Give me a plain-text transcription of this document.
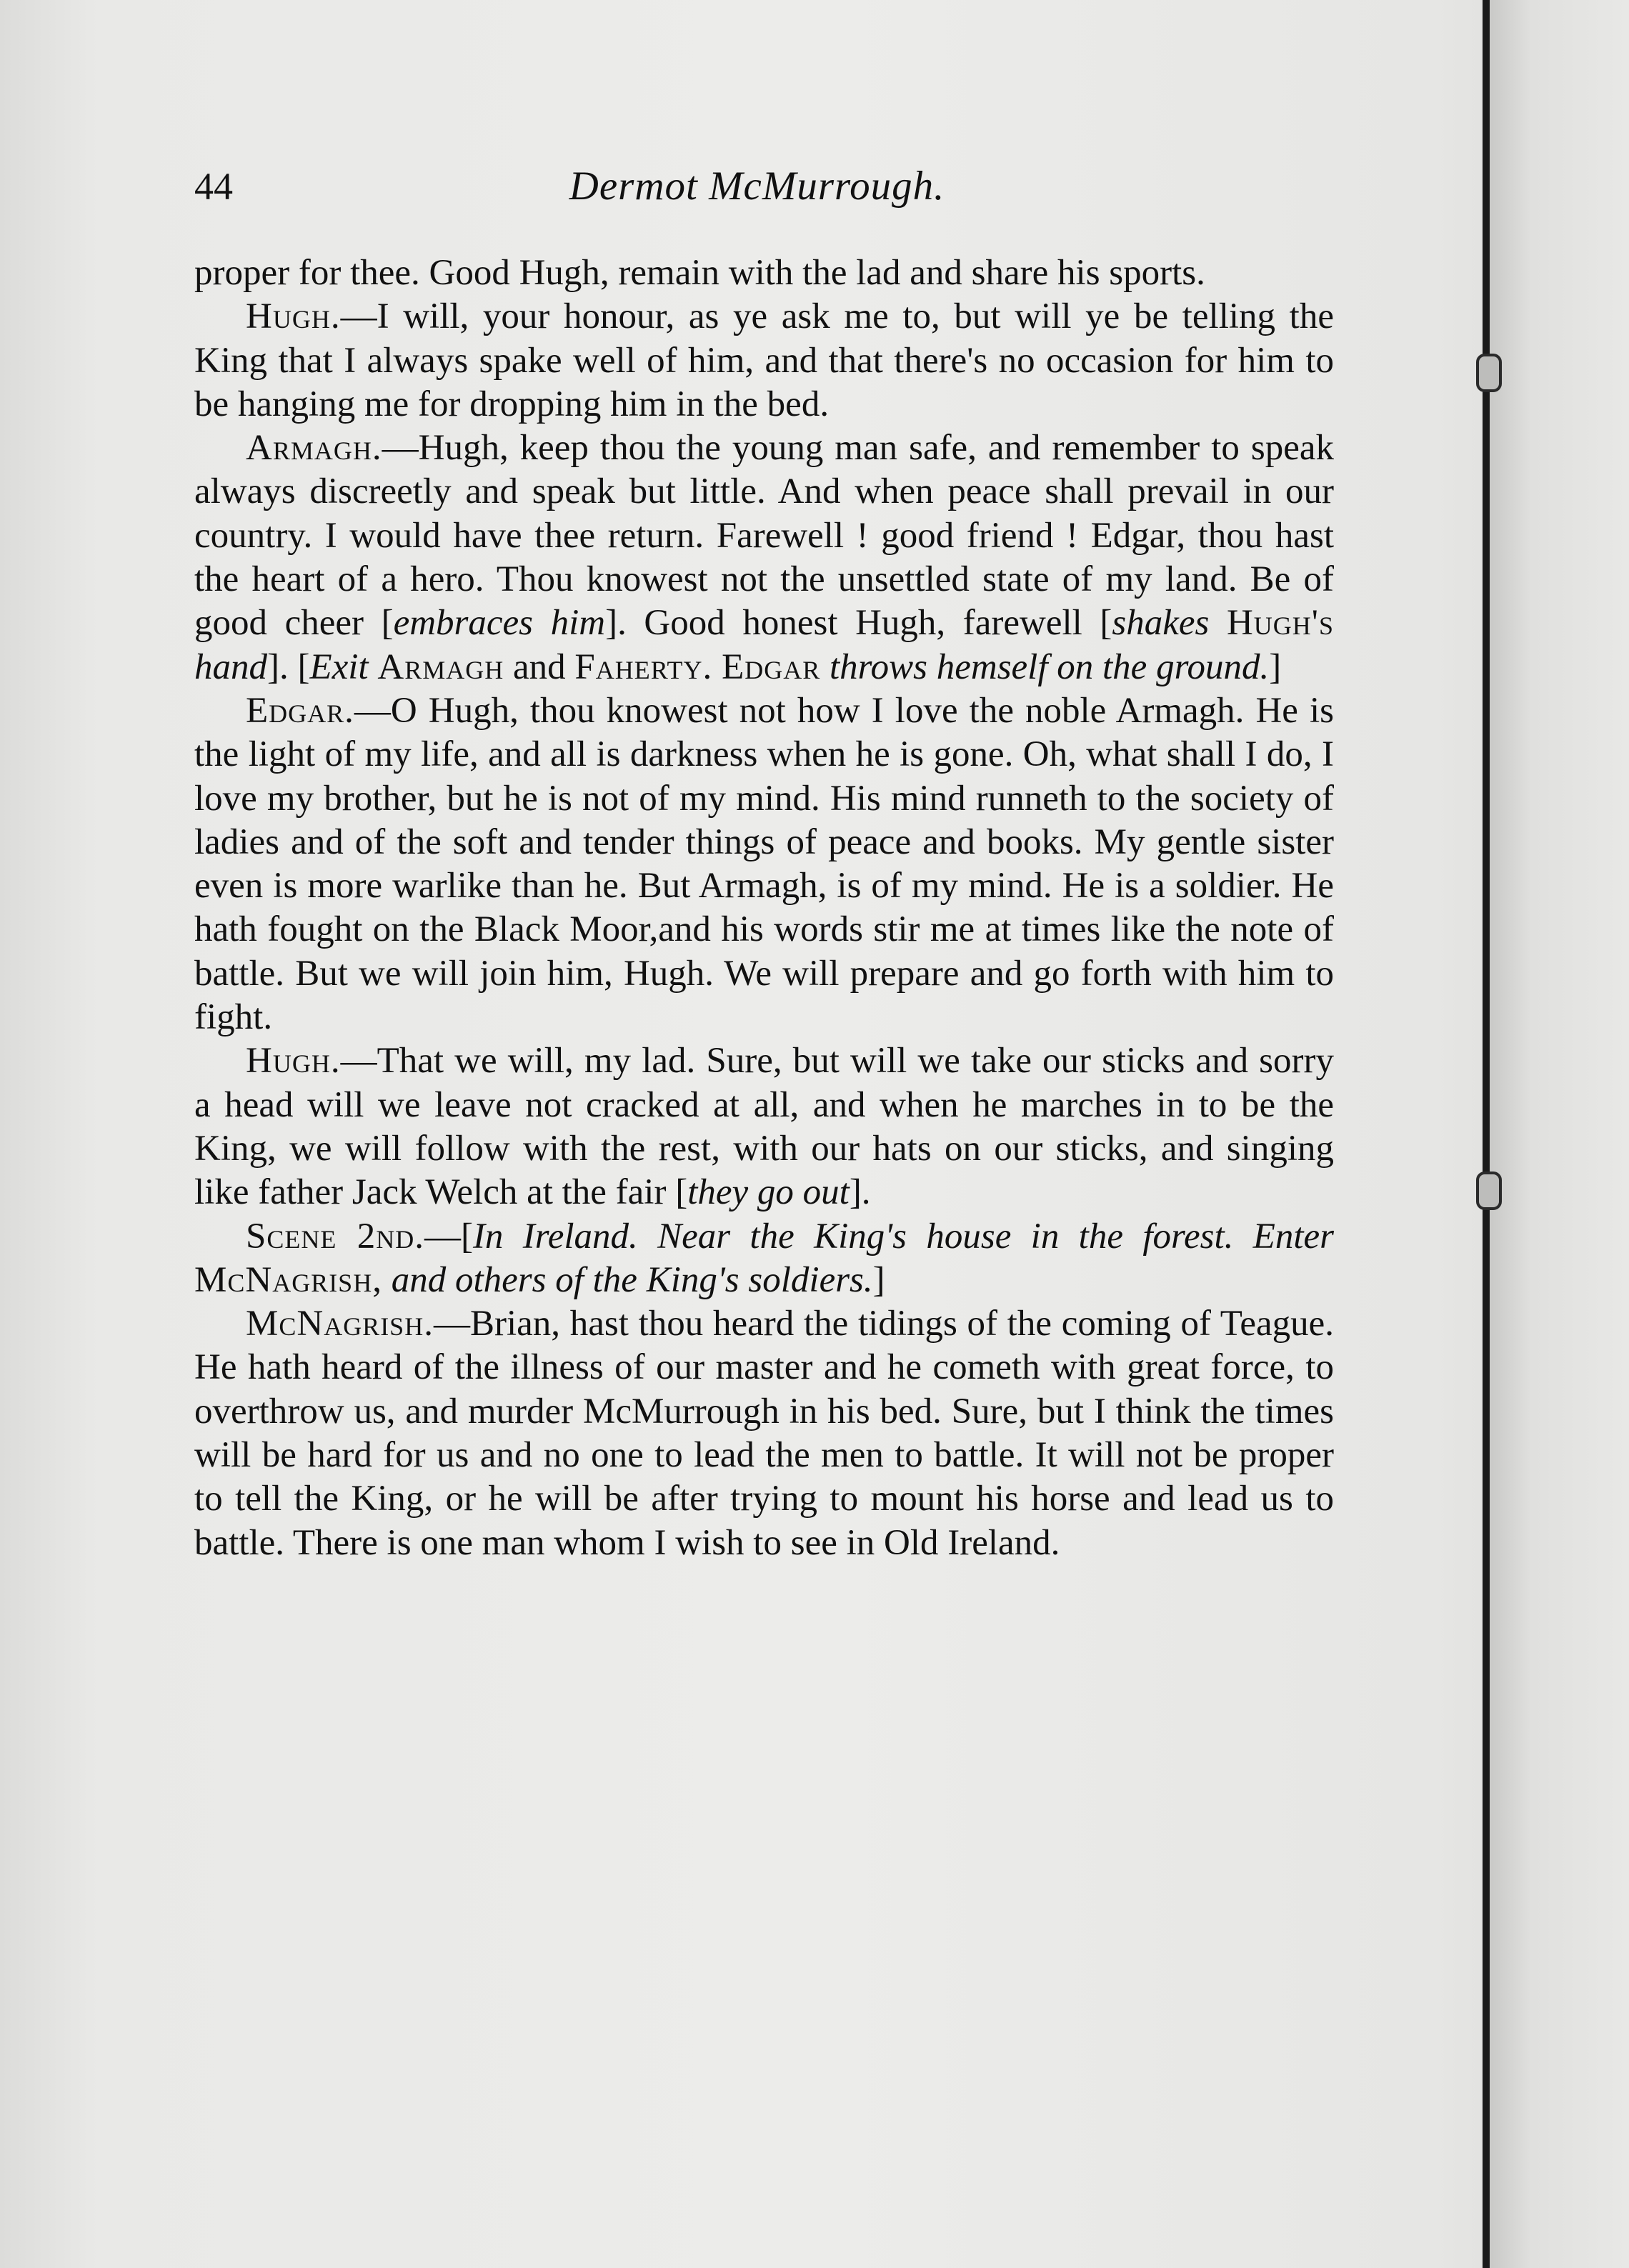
44	Dermot McMurrough.

proper for thee. Good Hugh, remain with the lad and share his sports.

Hugh.—I will, your honour, as ye ask me to, but will ye be telling the King that I always spake well of him, and that there's no occasion for him to be hanging me for dropping him in the bed.

Armagh.—Hugh, keep thou the young man safe, and remember to speak always discreetly and speak but little. And when peace shall prevail in our country. I would have thee return. Farewell ! good friend ! Edgar, thou hast the heart of a hero. Thou knowest not the unsettled state of my land. Be of good cheer [embraces him]. Good honest Hugh, farewell [shakes Hugh's hand]. [Exit Armagh and Faherty. Edgar throws hemself on the ground.]

Edgar.—O Hugh, thou knowest not how I love the noble Armagh. He is the light of my life, and all is darkness when he is gone. Oh, what shall I do, I love my brother, but he is not of my mind. His mind runneth to the society of ladies and of the soft and tender things of peace and books. My gentle sister even is more warlike than he. But Armagh, is of my mind. He is a soldier. He hath fought on the Black Moor,and his words stir me at times like the note of battle. But we will join him, Hugh. We will prepare and go forth with him to fight.

Hugh.—That we will, my lad. Sure, but will we take our sticks and sorry a head will we leave not cracked at all, and when he marches in to be the King, we will follow with the rest, with our hats on our sticks, and singing like father Jack Welch at the fair [they go out].

Scene 2nd.—[In Ireland. Near the King's house in the forest. Enter McNagrish, and others of the King's soldiers.]

McNagrish.—Brian, hast thou heard the tidings of the coming of Teague. He hath heard of the illness of our master and he cometh with great force, to overthrow us, and murder McMurrough in his bed. Sure, but I think the times will be hard for us and no one to lead the men to battle. It will not be proper to tell the King, or he will be after trying to mount his horse and lead us to battle. There is one man whom I wish to see in Old Ireland.
